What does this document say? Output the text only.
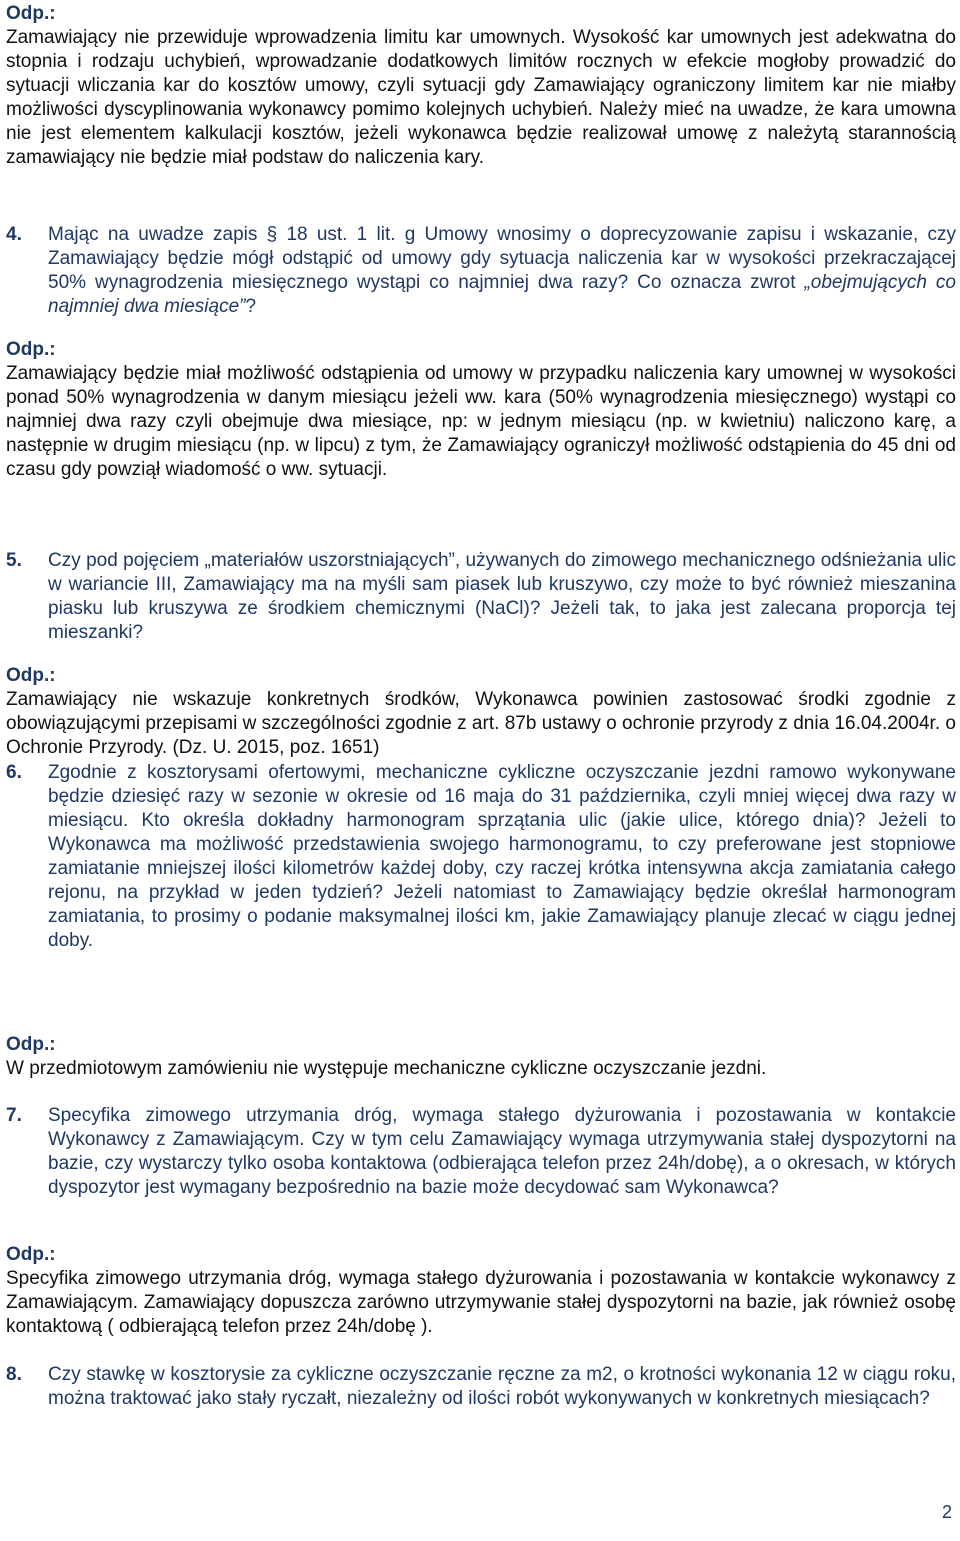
Odp.:

Zamawiający nie przewiduje wprowadzenia limitu kar umownych. Wysokość kar umownych jest adekwatna do stopnia i rodzaju uchybień, wprowadzanie dodatkowych limitów rocznych w efekcie mogłoby prowadzić do sytuacji wliczania kar do kosztów umowy, czyli sytuacji gdy Zamawiający ograniczony limitem kar nie miałby możliwości dyscyplinowania wykonawcy pomimo kolejnych uchybień. Należy mieć na uwadze, że kara umowna nie jest elementem kalkulacji kosztów, jeżeli wykonawca będzie realizował umowę z należytą starannością zamawiający nie będzie miał podstaw do naliczenia kary.

4.	Mając na uwadze zapis § 18 ust. 1 lit. g Umowy wnosimy o doprecyzowanie zapisu i wskazanie, czy Zamawiający będzie mógł odstąpić od umowy gdy sytuacja naliczenia kar w wysokości przekraczającej 50% wynagrodzenia miesięcznego wystąpi co najmniej dwa razy? Co oznacza zwrot „obejmujących co najmniej dwa miesiące”?

Odp.:

Zamawiający będzie miał możliwość odstąpienia od umowy w przypadku naliczenia kary umownej w wysokości ponad 50% wynagrodzenia w danym miesiącu jeżeli ww. kara (50% wynagrodzenia miesięcznego) wystąpi co najmniej dwa razy czyli obejmuje dwa miesiące, np: w jednym miesiącu (np. w kwietniu) naliczono karę, a następnie w drugim miesiącu (np. w lipcu) z tym, że Zamawiający ograniczył możliwość odstąpienia do 45 dni od czasu gdy powziął wiadomość o ww. sytuacji.

5.	Czy pod pojęciem „materiałów uszorstniających”, używanych do zimowego mechanicznego odśnieżania ulic w wariancie III, Zamawiający ma na myśli sam piasek lub kruszywo, czy może to być również mieszanina piasku lub kruszywa ze środkiem chemicznymi (NaCl)? Jeżeli tak, to jaka jest zalecana proporcja tej mieszanki?

Odp.:

Zamawiający nie wskazuje konkretnych środków, Wykonawca powinien zastosować środki zgodnie z obowiązującymi przepisami w szczególności zgodnie z art. 87b ustawy o ochronie przyrody z dnia 16.04.2004r. o Ochronie Przyrody. (Dz. U. 2015, poz. 1651)

6.	Zgodnie z kosztorysami ofertowymi, mechaniczne cykliczne oczyszczanie jezdni ramowo wykonywane będzie dziesięć razy w sezonie w okresie od 16 maja do 31 października, czyli mniej więcej dwa razy w miesiącu. Kto określa dokładny harmonogram sprzątania ulic (jakie ulice, którego dnia)? Jeżeli to Wykonawca ma możliwość przedstawienia swojego harmonogramu, to czy preferowane jest stopniowe zamiatanie mniejszej ilości kilometrów każdej doby, czy raczej krótka intensywna akcja zamiatania całego rejonu, na przykład w jeden tydzień? Jeżeli natomiast to Zamawiający będzie określał harmonogram zamiatania, to prosimy o podanie maksymalnej ilości km, jakie Zamawiający planuje zlecać w ciągu jednej doby.

Odp.:

W przedmiotowym zamówieniu nie występuje mechaniczne cykliczne oczyszczanie jezdni.

7.	Specyfika zimowego utrzymania dróg, wymaga stałego dyżurowania i pozostawania w kontakcie Wykonawcy z Zamawiającym. Czy w tym celu Zamawiający wymaga utrzymywania stałej dyspozytorni na bazie, czy wystarczy tylko osoba kontaktowa (odbierająca telefon przez 24h/dobę), a o okresach, w których dyspozytor jest wymagany bezpośrednio na bazie może decydować sam Wykonawca?

Odp.:

Specyfika zimowego utrzymania dróg, wymaga stałego dyżurowania i pozostawania w kontakcie wykonawcy z Zamawiającym. Zamawiający dopuszcza zarówno utrzymywanie stałej dyspozytorni na bazie, jak również osobę kontaktową ( odbierającą telefon przez 24h/dobę ).

8.	Czy stawkę w kosztorysie za cykliczne oczyszczanie ręczne za m2, o krotności wykonania 12 w ciągu roku, można traktować jako stały ryczałt, niezależny od ilości robót wykonywanych w konkretnych miesiącach?

2
